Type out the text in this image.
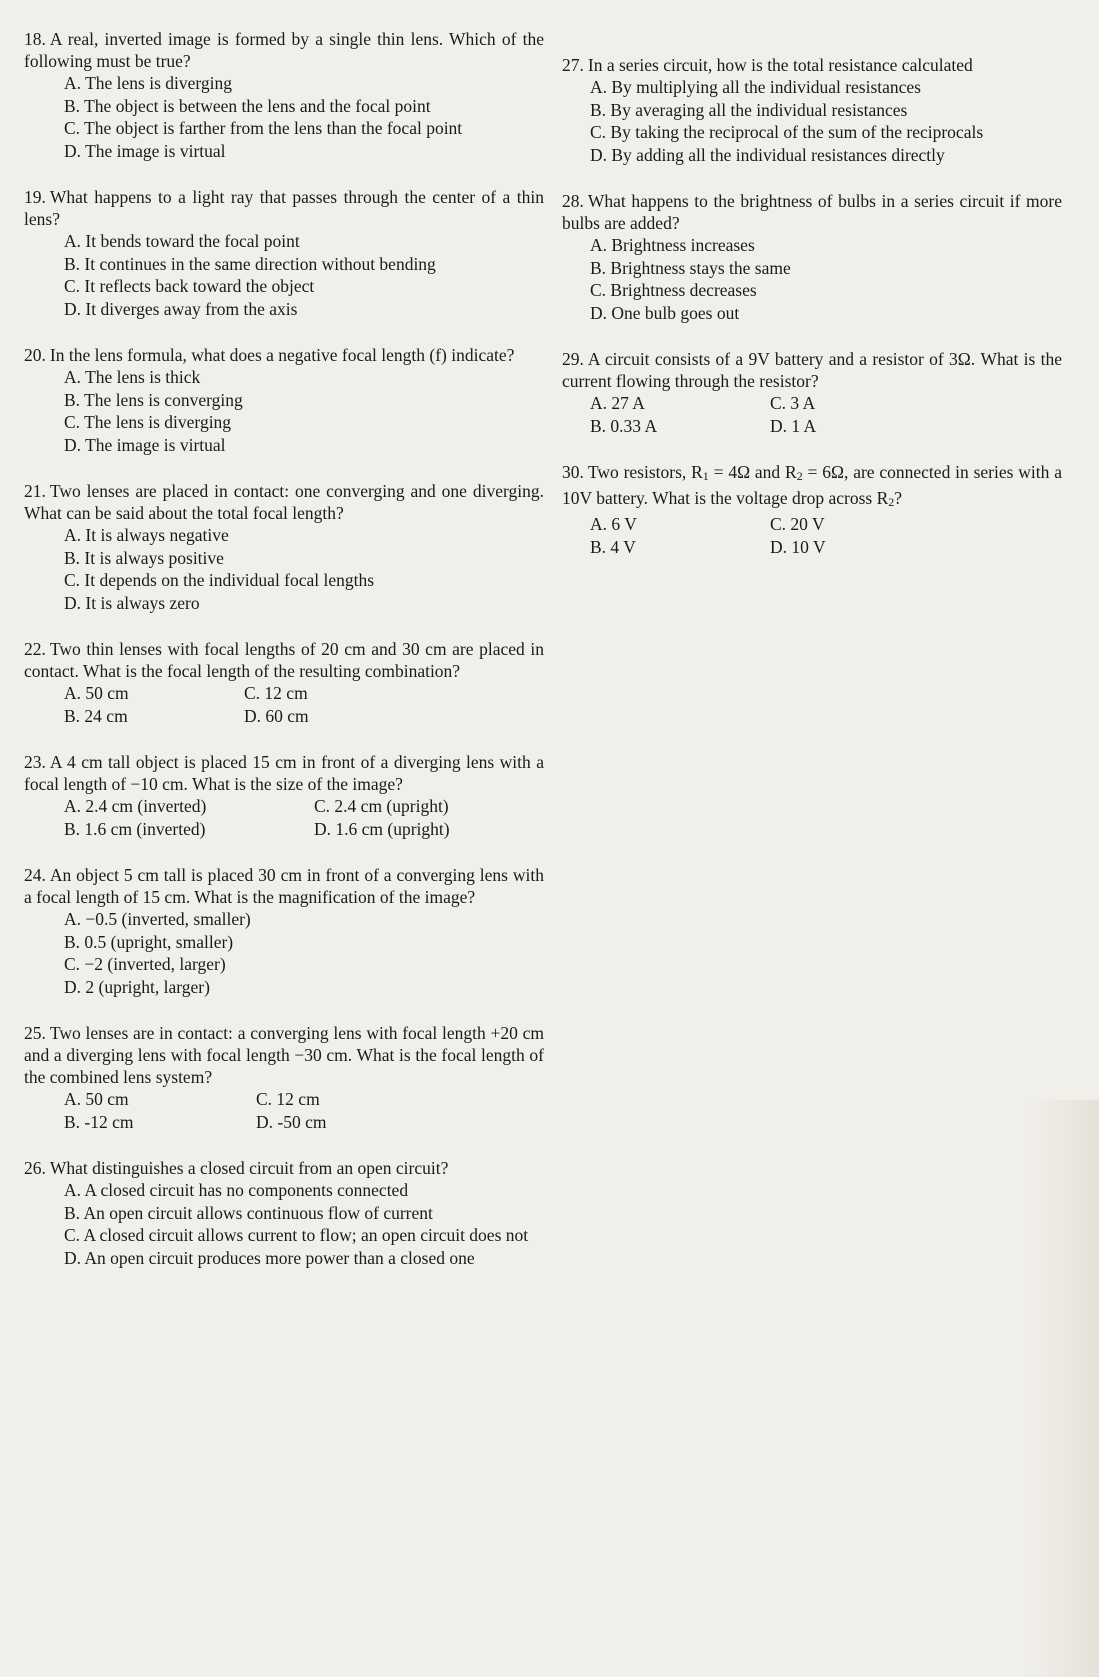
18. A real, inverted image is formed by a single thin lens. Which of the following must be true?
A. The lens is diverging
B. The object is between the lens and the focal point
C. The object is farther from the lens than the focal point
D. The image is virtual
19. What happens to a light ray that passes through the center of a thin lens?
A. It bends toward the focal point
B. It continues in the same direction without bending
C. It reflects back toward the object
D. It diverges away from the axis
20. In the lens formula, what does a negative focal length (f) indicate?
A. The lens is thick
B. The lens is converging
C. The lens is diverging
D. The image is virtual
21. Two lenses are placed in contact: one converging and one diverging. What can be said about the total focal length?
A. It is always negative
B. It is always positive
C. It depends on the individual focal lengths
D. It is always zero
22. Two thin lenses with focal lengths of 20 cm and 30 cm are placed in contact. What is the focal length of the resulting combination?
A. 50 cm	C. 12 cm
B. 24 cm	D. 60 cm
23. A 4 cm tall object is placed 15 cm in front of a diverging lens with a focal length of −10 cm. What is the size of the image?
A. 2.4 cm (inverted)	C. 2.4 cm (upright)
B. 1.6 cm (inverted)	D. 1.6 cm (upright)
24. An object 5 cm tall is placed 30 cm in front of a converging lens with a focal length of 15 cm. What is the magnification of the image?
A. −0.5 (inverted, smaller)
B. 0.5 (upright, smaller)
C. −2 (inverted, larger)
D. 2 (upright, larger)
25. Two lenses are in contact: a converging lens with focal length +20 cm and a diverging lens with focal length −30 cm. What is the focal length of the combined lens system?
A. 50 cm	C. 12 cm
B. -12 cm	D. -50 cm
26. What distinguishes a closed circuit from an open circuit?
A. A closed circuit has no components connected
B. An open circuit allows continuous flow of current
C. A closed circuit allows current to flow; an open circuit does not
D. An open circuit produces more power than a closed one
27. In a series circuit, how is the total resistance calculated
A. By multiplying all the individual resistances
B. By averaging all the individual resistances
C. By taking the reciprocal of the sum of the reciprocals
D. By adding all the individual resistances directly
28. What happens to the brightness of bulbs in a series circuit if more bulbs are added?
A. Brightness increases
B. Brightness stays the same
C. Brightness decreases
D. One bulb goes out
29. A circuit consists of a 9V battery and a resistor of 3Ω. What is the current flowing through the resistor?
A. 27 A	C. 3 A
B. 0.33 A	D. 1 A
30. Two resistors, R1 = 4Ω and R2 = 6Ω, are connected in series with a 10V battery. What is the voltage drop across R2?
A. 6 V	C. 20 V
B. 4 V	D. 10 V
